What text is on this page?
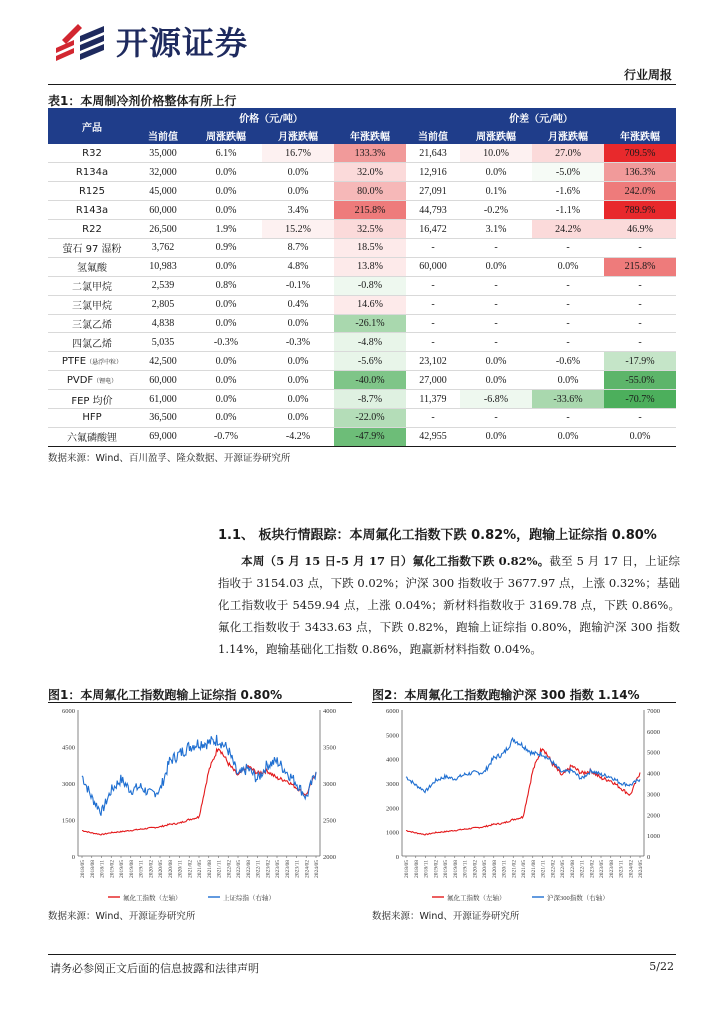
开源证券
行业周报
表1：本周制冷剂价格整体有所上行
产品	价格（元/吨）				价差（元/吨）			
	当前值	周涨跌幅	月涨跌幅	年涨跌幅	当前值	周涨跌幅	月涨跌幅	年涨跌幅
R32	35,000	6.1%	16.7%	133.3%	21,643	10.0%	27.0%	709.5%
R134a	32,000	0.0%	0.0%	32.0%	12,916	0.0%	-5.0%	136.3%
R125	45,000	0.0%	0.0%	80.0%	27,091	0.1%	-1.6%	242.0%
R143a	60,000	0.0%	3.4%	215.8%	44,793	-0.2%	-1.1%	789.9%
R22	26,500	1.9%	15.2%	32.5%	16,472	3.1%	24.2%	46.9%
萤石 97 湿粉	3,762	0.9%	8.7%	18.5%	-	-	-	-
氢氟酸	10,983	0.0%	4.8%	13.8%	60,000	0.0%	0.0%	215.8%
二氯甲烷	2,539	0.8%	-0.1%	-0.8%	-	-	-	-
三氯甲烷	2,805	0.0%	0.4%	14.6%	-	-	-	-
三氯乙烯	4,838	0.0%	0.0%	-26.1%	-	-	-	-
四氯乙烯	5,035	-0.3%	-0.3%	-4.8%	-	-	-	-
PTFE（悬浮中粒）	42,500	0.0%	0.0%	-5.6%	23,102	0.0%	-0.6%	-17.9%
PVDF（锂电）	60,000	0.0%	0.0%	-40.0%	27,000	0.0%	0.0%	-55.0%
FEP 均价	61,000	0.0%	0.0%	-8.7%	11,379	-6.8%	-33.6%	-70.7%
HFP	36,500	0.0%	0.0%	-22.0%	-	-	-	-
六氟磷酸锂	69,000	-0.7%	-4.2%	-47.9%	42,955	0.0%	0.0%	0.0%
数据来源：Wind、百川盈孚、隆众数据、开源证券研究所
1.1、 板块行情跟踪：本周氟化工指数下跌 0.82%，跑输上证综指 0.80%
本周（5 月 15 日-5 月 17 日）氟化工指数下跌 0.82%。截至 5 月 17 日，上证综指收于 3154.03 点，下跌 0.02%；沪深 300 指数收于 3677.97 点，上涨 0.32%；基础化工指数收于 5459.94 点，上涨 0.04%；新材料指数收于 3169.78 点，下跌 0.86%。氟化工指数收于 3433.63 点，下跌 0.82%，跑输上证综指 0.80%，跑输沪深 300 指数 1.14%，跑输基础化工指数 0.86%，跑赢新材料指数 0.04%。
图1：本周氟化工指数跑输上证综指 0.80%
6000
4500
3000
1500
0
4000
3500
3000
2500
2000
2018/05 2018/08 2018/11 2019/02 2019/05 2019/08 2019/11 2020/02 2020/05 2020/08 2020/11 2021/02 2021/05 2021/08 2021/11 2022/02 2022/05 2022/08 2022/11 2023/02 2023/05 2023/08 2023/11 2024/02 2024/05
氟化工指数（左轴）	上证综指（右轴）
数据来源：Wind、开源证券研究所
图2：本周氟化工指数跑输沪深 300 指数 1.14%
6000
5000
4000
3000
2000
1000
0
7000
6000
5000
4000
3000
2000
1000
0
2018/05 2018/08 2018/11 2019/02 2019/05 2019/08 2019/11 2020/02 2020/05 2020/08 2020/11 2021/02 2021/05 2021/08 2021/11 2022/02 2022/05 2022/08 2022/11 2023/02 2023/05 2023/08 2023/11 2024/02 2024/05
氟化工指数（左轴）	沪深300指数（右轴）
数据来源：Wind、开源证券研究所
请务必参阅正文后面的信息披露和法律声明	5/22
